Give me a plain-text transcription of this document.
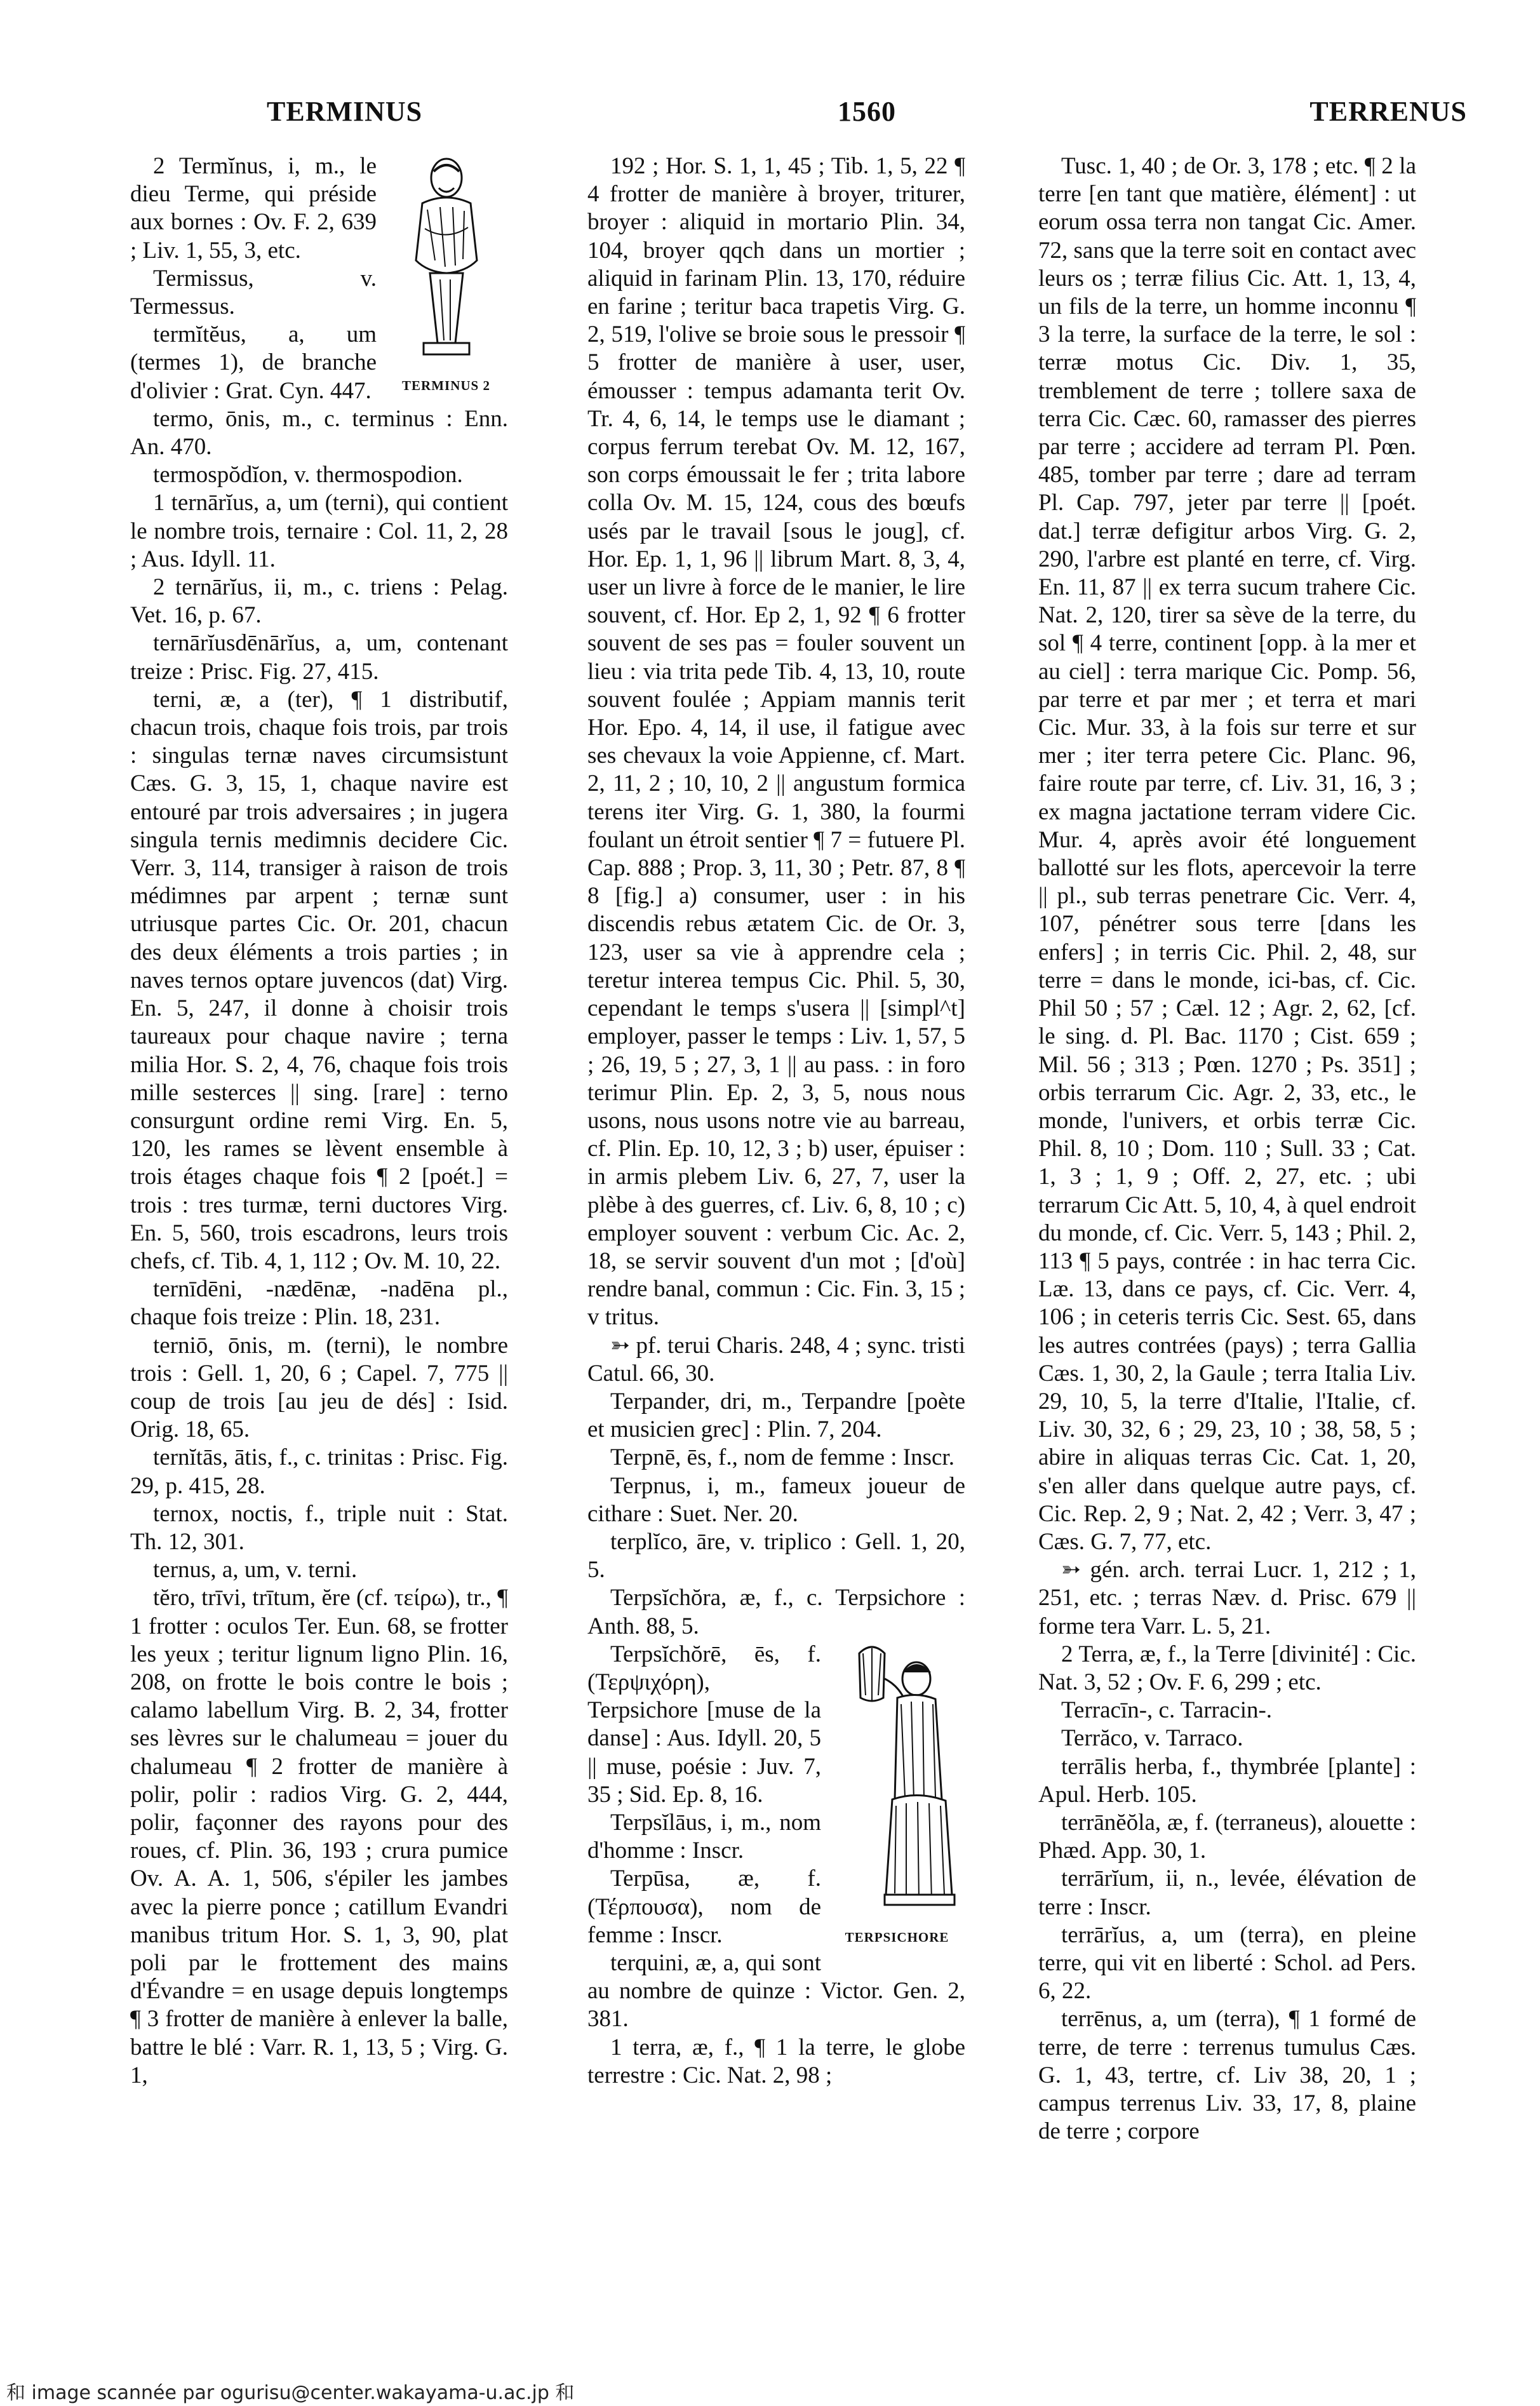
TERMINUS	1560	TERRENUS
TERMINUS 2

2 Termĭnus, i, m., le dieu Terme, qui préside aux bornes : Ov. F. 2, 639 ; Liv. 1, 55, 3, etc.

Termissus, v. Termessus.

termĭtĕus, a, um (termes 1), de branche d'olivier : Grat. Cyn. 447.

termo, ōnis, m., c. terminus : Enn. An. 470.

termospŏdĭon, v. thermospodion.

1 ternārĭus, a, um (terni), qui contient le nombre trois, ternaire : Col. 11, 2, 28 ; Aus. Idyll. 11.

2 ternārĭus, ii, m., c. triens : Pelag. Vet. 16, p. 67.

ternārĭusdēnārĭus, a, um, contenant treize : Prisc. Fig. 27, 415.

terni, æ, a (ter), ¶ 1 distributif, chacun trois, chaque fois trois, par trois : singulas ternæ naves circumsistunt Cæs. G. 3, 15, 1, chaque navire est entouré par trois adversaires ; in jugera singula ternis medimnis decidere Cic. Verr. 3, 114, transiger à raison de trois médimnes par arpent ; ternæ sunt utriusque partes Cic. Or. 201, chacun des deux éléments a trois parties ; in naves ternos optare juvencos (dat) Virg. En. 5, 247, il donne à choisir trois taureaux pour chaque navire ; terna milia Hor. S. 2, 4, 76, chaque fois trois mille sesterces || sing. [rare] : terno consurgunt ordine remi Virg. En. 5, 120, les rames se lèvent ensemble à trois étages chaque fois ¶ 2 [poét.] = trois : tres turmæ, terni ductores Virg. En. 5, 560, trois escadrons, leurs trois chefs, cf. Tib. 4, 1, 112 ; Ov. M. 10, 22.

ternīdēni, -nædēnæ, -nadēna pl., chaque fois treize : Plin. 18, 231.

terniō, ōnis, m. (terni), le nombre trois : Gell. 1, 20, 6 ; Capel. 7, 775 || coup de trois [au jeu de dés] : Isid. Orig. 18, 65.

ternĭtās, ātis, f., c. trinitas : Prisc. Fig. 29, p. 415, 28.

ternox, noctis, f., triple nuit : Stat. Th. 12, 301.

ternus, a, um, v. terni.

tĕro, trīvi, trītum, ĕre (cf. τείρω), tr., ¶ 1 frotter : oculos Ter. Eun. 68, se frotter les yeux ; teritur lignum ligno Plin. 16, 208, on frotte le bois contre le bois ; calamo labellum Virg. B. 2, 34, frotter ses lèvres sur le chalumeau = jouer du chalumeau ¶ 2 frotter de manière à polir, polir : radios Virg. G. 2, 444, polir, façonner des rayons pour des roues, cf. Plin. 36, 193 ; crura pumice Ov. A. A. 1, 506, s'épiler les jambes avec la pierre ponce ; catillum Evandri manibus tritum Hor. S. 1, 3, 90, plat poli par le frottement des mains d'Évandre = en usage depuis longtemps ¶ 3 frotter de manière à enlever la balle, battre le blé : Varr. R. 1, 13, 5 ; Virg. G. 1,

192 ; Hor. S. 1, 1, 45 ; Tib. 1, 5, 22 ¶ 4 frotter de manière à broyer, triturer, broyer : aliquid in mortario Plin. 34, 104, broyer qqch dans un mortier ; aliquid in farinam Plin. 13, 170, réduire en farine ; teritur baca trapetis Virg. G. 2, 519, l'olive se broie sous le pressoir ¶ 5 frotter de manière à user, user, émousser : tempus adamanta terit Ov. Tr. 4, 6, 14, le temps use le diamant ; corpus ferrum terebat Ov. M. 12, 167, son corps émoussait le fer ; trita labore colla Ov. M. 15, 124, cous des bœufs usés par le travail [sous le joug], cf. Hor. Ep. 1, 1, 96 || librum Mart. 8, 3, 4, user un livre à force de le manier, le lire souvent, cf. Hor. Ep 2, 1, 92 ¶ 6 frotter souvent de ses pas = fouler souvent un lieu : via trita pede Tib. 4, 13, 10, route souvent foulée ; Appiam mannis terit Hor. Epo. 4, 14, il use, il fatigue avec ses chevaux la voie Appienne, cf. Mart. 2, 11, 2 ; 10, 10, 2 || angustum formica terens iter Virg. G. 1, 380, la fourmi foulant un étroit sentier ¶ 7 = futuere Pl. Cap. 888 ; Prop. 3, 11, 30 ; Petr. 87, 8 ¶ 8 [fig.] a) consumer, user : in his discendis rebus ætatem Cic. de Or. 3, 123, user sa vie à apprendre cela ; teretur interea tempus Cic. Phil. 5, 30, cependant le temps s'usera || [simpl^t] employer, passer le temps : Liv. 1, 57, 5 ; 26, 19, 5 ; 27, 3, 1 || au pass. : in foro terimur Plin. Ep. 2, 3, 5, nous nous usons, nous usons notre vie au barreau, cf. Plin. Ep. 10, 12, 3 ; b) user, épuiser : in armis plebem Liv. 6, 27, 7, user la plèbe à des guerres, cf. Liv. 6, 8, 10 ; c) employer souvent : verbum Cic. Ac. 2, 18, se servir souvent d'un mot ; [d'où] rendre banal, commun : Cic. Fin. 3, 15 ; v tritus.

➳ pf. terui Charis. 248, 4 ; sync. tristi Catul. 66, 30.

Terpander, dri, m., Terpandre [poète et musicien grec] : Plin. 7, 204.

Terpnē, ēs, f., nom de femme : Inscr.

Terpnus, i, m., fameux joueur de cithare : Suet. Ner. 20.

terplĭco, āre, v. triplico : Gell. 1, 20, 5.

Terpsĭchŏra, æ, f., c. Terpsichore : Anth. 88, 5.

TERPSICHORE

Terpsĭchŏrē, ēs, f. (Τερψιχόρη), Terpsichore [muse de la danse] : Aus. Idyll. 20, 5 || muse, poésie : Juv. 7, 35 ; Sid. Ep. 8, 16.

Terpsĭlāus, i, m., nom d'homme : Inscr.

Terpūsa, æ, f. (Τέρπουσα), nom de femme : Inscr.

terquini, æ, a, qui sont au nombre de quinze : Victor. Gen. 2, 381.

1 terra, æ, f., ¶ 1 la terre, le globe terrestre : Cic. Nat. 2, 98 ;

Tusc. 1, 40 ; de Or. 3, 178 ; etc. ¶ 2 la terre [en tant que matière, élément] : ut eorum ossa terra non tangat Cic. Amer. 72, sans que la terre soit en contact avec leurs os ; terræ filius Cic. Att. 1, 13, 4, un fils de la terre, un homme inconnu ¶ 3 la terre, la surface de la terre, le sol : terræ motus Cic. Div. 1, 35, tremblement de terre ; tollere saxa de terra Cic. Cæc. 60, ramasser des pierres par terre ; accidere ad terram Pl. Pœn. 485, tomber par terre ; dare ad terram Pl. Cap. 797, jeter par terre || [poét. dat.] terræ defigitur arbos Virg. G. 2, 290, l'arbre est planté en terre, cf. Virg. En. 11, 87 || ex terra sucum trahere Cic. Nat. 2, 120, tirer sa sève de la terre, du sol ¶ 4 terre, continent [opp. à la mer et au ciel] : terra marique Cic. Pomp. 56, par terre et par mer ; et terra et mari Cic. Mur. 33, à la fois sur terre et sur mer ; iter terra petere Cic. Planc. 96, faire route par terre, cf. Liv. 31, 16, 3 ; ex magna jactatione terram videre Cic. Mur. 4, après avoir été longuement ballotté sur les flots, apercevoir la terre || pl., sub terras penetrare Cic. Verr. 4, 107, pénétrer sous terre [dans les enfers] ; in terris Cic. Phil. 2, 48, sur terre = dans le monde, ici-bas, cf. Cic. Phil 50 ; 57 ; Cæl. 12 ; Agr. 2, 62, [cf. le sing. d. Pl. Bac. 1170 ; Cist. 659 ; Mil. 56 ; 313 ; Pœn. 1270 ; Ps. 351] ; orbis terrarum Cic. Agr. 2, 33, etc., le monde, l'univers, et orbis terræ Cic. Phil. 8, 10 ; Dom. 110 ; Sull. 33 ; Cat. 1, 3 ; 1, 9 ; Off. 2, 27, etc. ; ubi terrarum Cic Att. 5, 10, 4, à quel endroit du monde, cf. Cic. Verr. 5, 143 ; Phil. 2, 113 ¶ 5 pays, contrée : in hac terra Cic. Læ. 13, dans ce pays, cf. Cic. Verr. 4, 106 ; in ceteris terris Cic. Sest. 65, dans les autres contrées (pays) ; terra Gallia Cæs. 1, 30, 2, la Gaule ; terra Italia Liv. 29, 10, 5, la terre d'Italie, l'Italie, cf. Liv. 30, 32, 6 ; 29, 23, 10 ; 38, 58, 5 ; abire in aliquas terras Cic. Cat. 1, 20, s'en aller dans quelque autre pays, cf. Cic. Rep. 2, 9 ; Nat. 2, 42 ; Verr. 3, 47 ; Cæs. G. 7, 77, etc.

➳ gén. arch. terrai Lucr. 1, 212 ; 1, 251, etc. ; terras Næv. d. Prisc. 679 || forme tera Varr. L. 5, 21.

2 Terra, æ, f., la Terre [divinité] : Cic. Nat. 3, 52 ; Ov. F. 6, 299 ; etc.

Terracīn-, c. Tarracin-.

Terrăco, v. Tarraco.

terrālis herba, f., thymbrée [plante] : Apul. Herb. 105.

terrānĕŏla, æ, f. (terraneus), alouette : Phæd. App. 30, 1.

terrārĭum, ii, n., levée, élévation de terre : Inscr.

terrārĭus, a, um (terra), en pleine terre, qui vit en liberté : Schol. ad Pers. 6, 22.

terrēnus, a, um (terra), ¶ 1 formé de terre, de terre : terrenus tumulus Cæs. G. 1, 43, tertre, cf. Liv 38, 20, 1 ; campus terrenus Liv. 33, 17, 8, plaine de terre ; corpore

和 image scannée par ogurisu@center.wakayama-u.ac.jp 和
